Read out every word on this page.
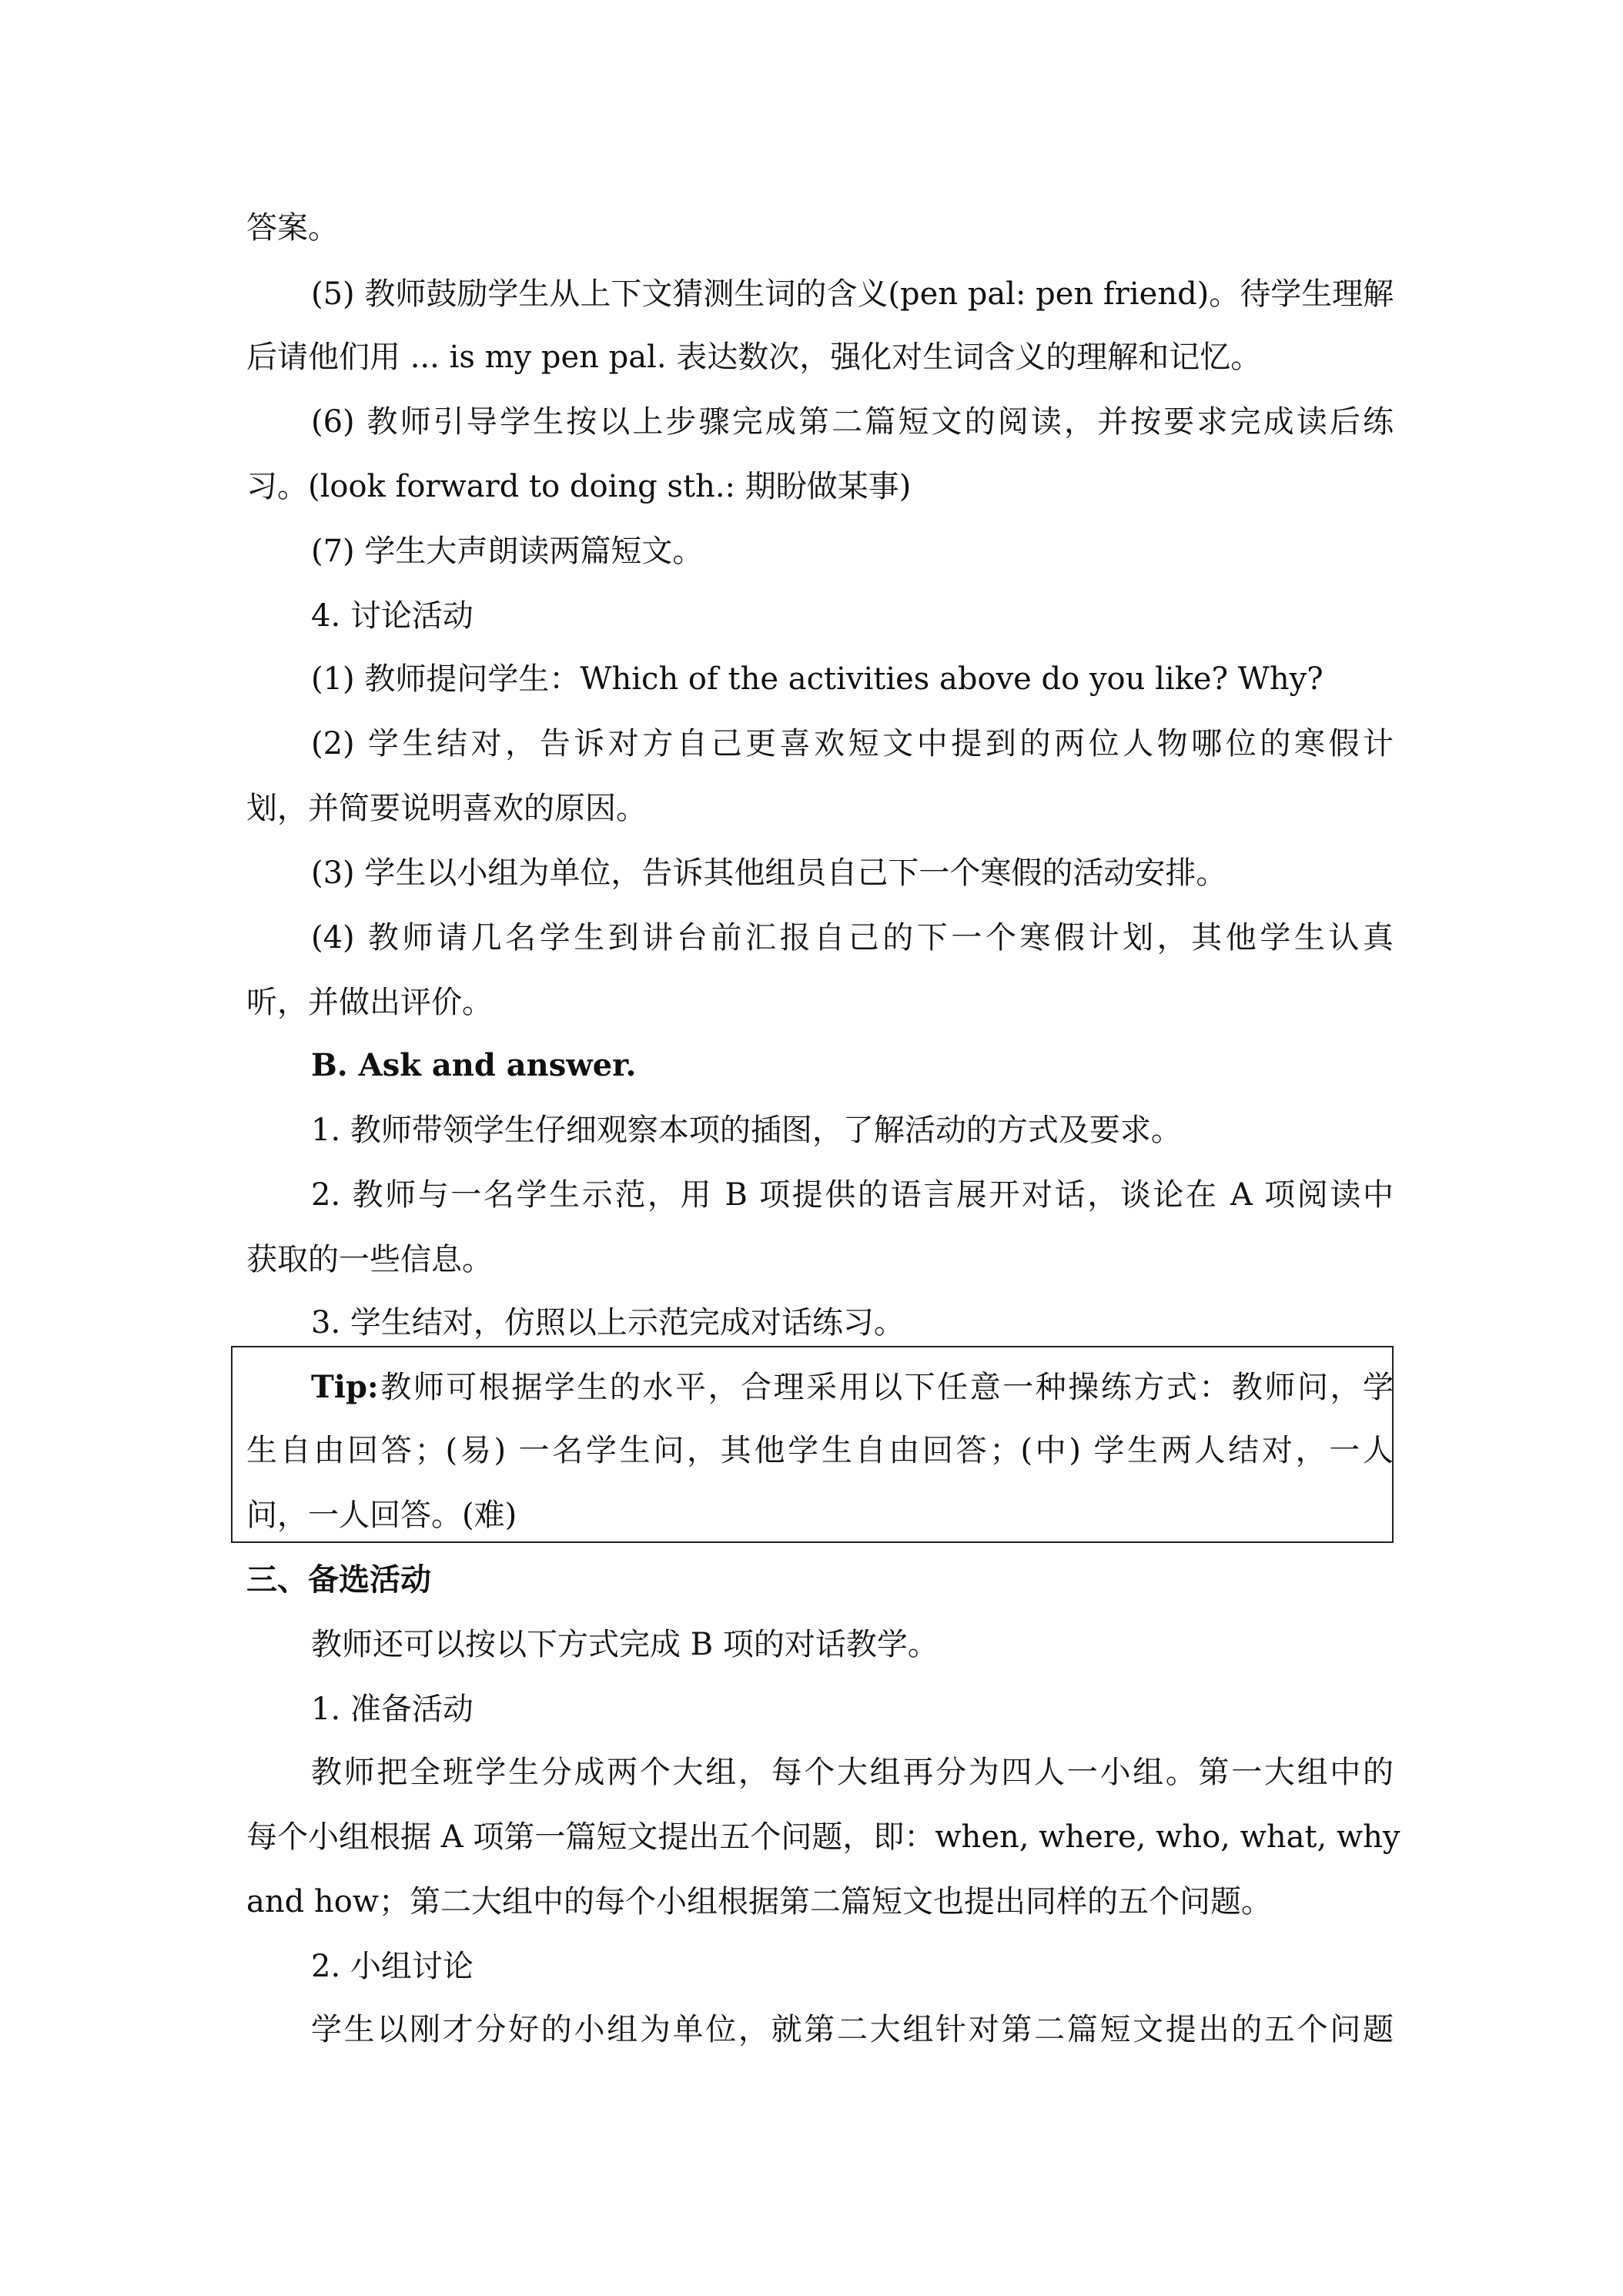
答案。
(5) 教师鼓励学生从上下文猜测生词的含义(pen pal: pen friend)。待学生理解
后请他们用 ... is my pen pal. 表达数次，强化对生词含义的理解和记忆。
(6) 教师引导学生按以上步骤完成第二篇短文的阅读，并按要求完成读后练
习。(look forward to doing sth.: 期盼做某事)
(7) 学生大声朗读两篇短文。
4. 讨论活动
(1) 教师提问学生：Which of the activities above do you like? Why?
(2) 学生结对，告诉对方自己更喜欢短文中提到的两位人物哪位的寒假计
划，并简要说明喜欢的原因。
(3) 学生以小组为单位，告诉其他组员自己下一个寒假的活动安排。
(4) 教师请几名学生到讲台前汇报自己的下一个寒假计划，其他学生认真
听，并做出评价。
B. Ask and answer.
1. 教师带领学生仔细观察本项的插图，了解活动的方式及要求。
2. 教师与一名学生示范，用 B 项提供的语言展开对话，谈论在 A 项阅读中
获取的一些信息。
3. 学生结对，仿照以上示范完成对话练习。
Tip:教师可根据学生的水平，合理采用以下任意一种操练方式：教师问，学
生自由回答；(易) 一名学生问，其他学生自由回答；(中) 学生两人结对，一人
问，一人回答。(难)
三、备选活动
教师还可以按以下方式完成 B 项的对话教学。
1. 准备活动
教师把全班学生分成两个大组，每个大组再分为四人一小组。第一大组中的
每个小组根据 A 项第一篇短文提出五个问题，即：when, where, who, what, why
and how；第二大组中的每个小组根据第二篇短文也提出同样的五个问题。
2. 小组讨论
学生以刚才分好的小组为单位，就第二大组针对第二篇短文提出的五个问题
